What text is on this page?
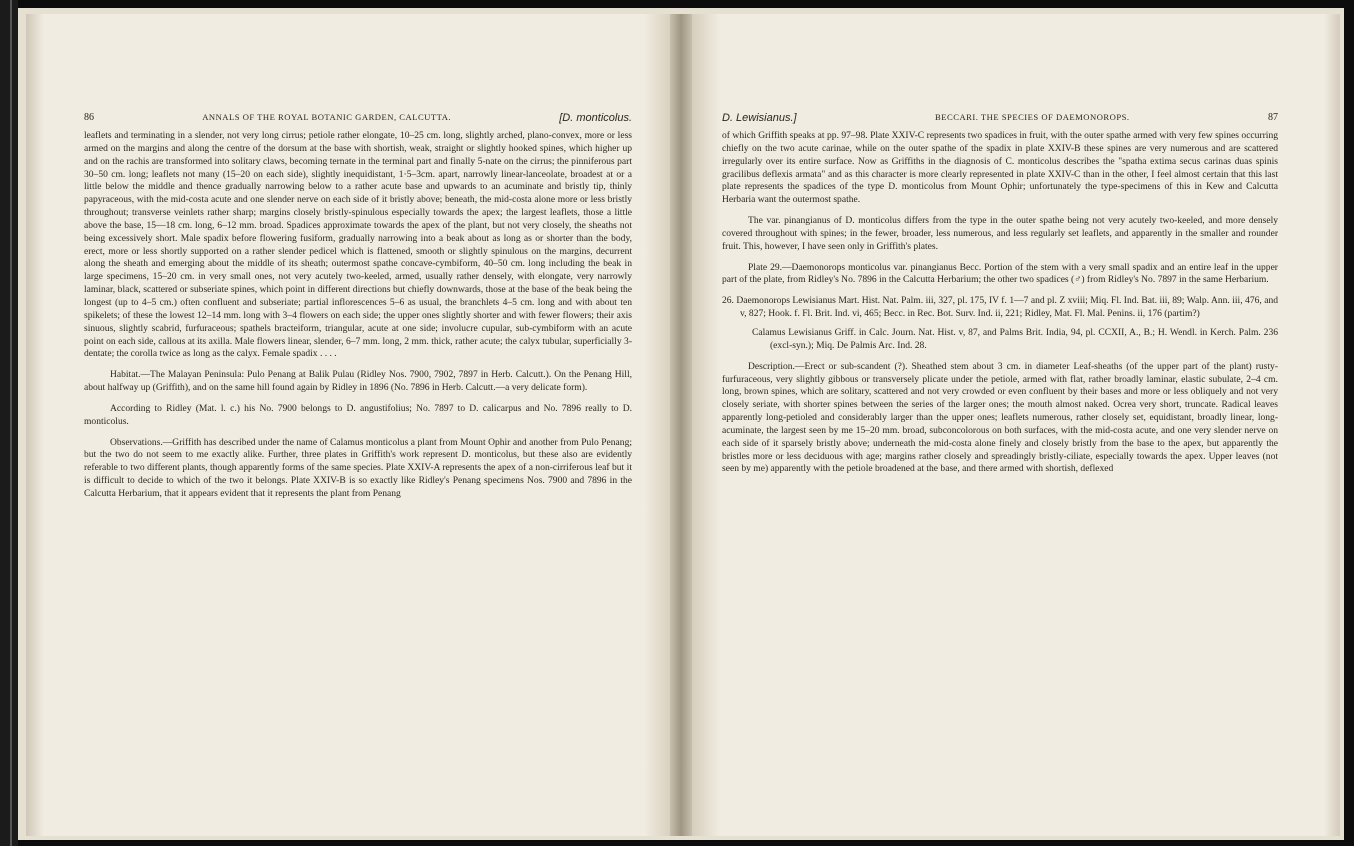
86	[D. monticolus.
ANNALS OF THE ROYAL BOTANIC GARDEN, CALCUTTA.

leaflets and terminating in a slender, not very long cirrus; petiole rather elongate, 10–25 cm. long, slightly arched, plano-convex, more or less armed on the margins and along the centre of the dorsum at the base with shortish, weak, straight or slightly hooked spines, which higher up and on the rachis are transformed into solitary claws, becoming ternate in the terminal part and finally 5-nate on the cirrus; the pinniferous part 30–50 cm. long; leaflets not many (15–20 on each side), slightly inequidistant, 1·5–3cm. apart, narrowly linear-lanceolate, broadest at or a little below the middle and thence gradually narrowing below to a rather acute base and upwards to an acuminate and bristly tip, thinly papyraceous, with the mid-costa acute and one slender nerve on each side of it bristly above; beneath, the mid-costa alone more or less bristly throughout; transverse veinlets rather sharp; margins closely bristly-spinulous especially towards the apex; the largest leaflets, those a little above the base, 15—18 cm. long, 6–12 mm. broad. Spadices approximate towards the apex of the plant, but not very closely, the sheaths not being excessively short. Male spadix before flowering fusiform, gradually narrowing into a beak about as long as or shorter than the body, erect, more or less shortly supported on a rather slender pedicel which is flattened, smooth or slightly spinulous on the margins, decurrent along the sheath and emerging about the middle of its sheath; outermost spathe concave-cymbiform, 40–50 cm. long including the beak in large specimens, 15–20 cm. in very small ones, not very acutely two-keeled, armed, usually rather densely, with elongate, very narrowly laminar, black, scattered or subseriate spines, which point in different directions but chiefly downwards, those at the base of the beak being the longest (up to 4–5 cm.) often confluent and subseriate; partial inflorescences 5–6 as usual, the branchlets 4–5 cm. long and with about ten spikelets; of these the lowest 12–14 mm. long with 3–4 flowers on each side; the upper ones slightly shorter and with fewer flowers; their axis sinuous, slightly scabrid, furfuraceous; spathels bracteiform, triangular, acute at one side; involucre cupular, sub-cymbiform with an acute point on each side, callous at its axilla. Male flowers linear, slender, 6–7 mm. long, 2 mm. thick, rather acute; the calyx tubular, superficially 3-dentate; the corolla twice as long as the calyx. Female spadix . . . .

Habitat.—The Malayan Peninsula: Pulo Penang at Balik Pulau (Ridley Nos. 7900, 7902, 7897 in Herb. Calcutt.). On the Penang Hill, about halfway up (Griffith), and on the same hill found again by Ridley in 1896 (No. 7896 in Herb. Calcutt.—a very delicate form).

According to Ridley (Mat. l. c.) his No. 7900 belongs to D. angustifolius; No. 7897 to D. calicarpus and No. 7896 really to D. monticolus.

Observations.—Griffith has described under the name of Calamus monticolus a plant from Mount Ophir and another from Pulo Penang; but the two do not seem to me exactly alike. Further, three plates in Griffith's work represent D. monticolus, but these also are evidently referable to two different plants, though apparently forms of the same species. Plate XXIV-A represents the apex of a non-cirriferous leaf but it is difficult to decide to which of the two it belongs. Plate XXIV-B is so exactly like Ridley's Penang specimens Nos. 7900 and 7896 in the Calcutta Herbarium, that it appears evident that it represents the plant from Penang

D. Lewisianus.]	87
BECCARI. THE SPECIES OF DAEMONOROPS.

of which Griffith speaks at pp. 97–98. Plate XXIV-C represents two spadices in fruit, with the outer spathe armed with very few spines occurring chiefly on the two acute carinae, while on the outer spathe of the spadix in plate XXIV-B these spines are very numerous and are scattered irregularly over its entire surface. Now as Griffiths in the diagnosis of C. monticolus describes the "spatha extima secus carinas duas spinis gracilibus deflexis armata" and as this character is more clearly represented in plate XXIV-C than in the other, I feel almost certain that this last plate represents the spadices of the type D. monticolus from Mount Ophir; unfortunately the type-specimens of this in Kew and Calcutta Herbaria want the outermost spathe.

The var. pinangianus of D. monticolus differs from the type in the outer spathe being not very acutely two-keeled, and more densely covered throughout with spines; in the fewer, broader, less numerous, and less regularly set leaflets, and apparently in the smaller and rounder fruit. This, however, I have seen only in Griffith's plates.

Plate 29.—Daemonorops monticolus var. pinangianus Becc. Portion of the stem with a very small spadix and an entire leaf in the upper part of the plate, from Ridley's No. 7896 in the Calcutta Herbarium; the other two spadices (♂) from Ridley's No. 7897 in the same Herbarium.

26. Daemonorops Lewisianus Mart. Hist. Nat. Palm. iii, 327, pl. 175, IV f. 1—7 and pl. Z xviii; Miq. Fl. Ind. Bat. iii, 89; Walp. Ann. iii, 476, and v, 827; Hook. f. Fl. Brit. Ind. vi, 465; Becc. in Rec. Bot. Surv. Ind. ii, 221; Ridley, Mat. Fl. Mal. Penins. ii, 176 (partim?)

Calamus Lewisianus Griff. in Calc. Journ. Nat. Hist. v, 87, and Palms Brit. India, 94, pl. CCXII, A., B.; H. Wendl. in Kerch. Palm. 236 (excl-syn.); Miq. De Palmis Arc. Ind. 28.

Description.—Erect or sub-scandent (?). Sheathed stem about 3 cm. in diameter Leaf-sheaths (of the upper part of the plant) rusty-furfuraceous, very slightly gibbous or transversely plicate under the petiole, armed with flat, rather broadly laminar, elastic subulate, 2–4 cm. long, brown spines, which are solitary, scattered and not very crowded or even confluent by their bases and more or less obliquely and not very closely seriate, with shorter spines between the series of the larger ones; the mouth almost naked. Ocrea very short, truncate. Radical leaves apparently long-petioled and considerably larger than the upper ones; leaflets numerous, rather closely set, equidistant, broadly linear, long-acuminate, the largest seen by me 15–20 mm. broad, subconcolorous on both surfaces, with the mid-costa acute, and one very slender nerve on each side of it sparsely bristly above; underneath the mid-costa alone finely and closely bristly from the base to the apex, but apparently the bristles more or less deciduous with age; margins rather closely and spreadingly bristly-ciliate, especially towards the apex. Upper leaves (not seen by me) apparently with the petiole broadened at the base, and there armed with shortish, deflexed
